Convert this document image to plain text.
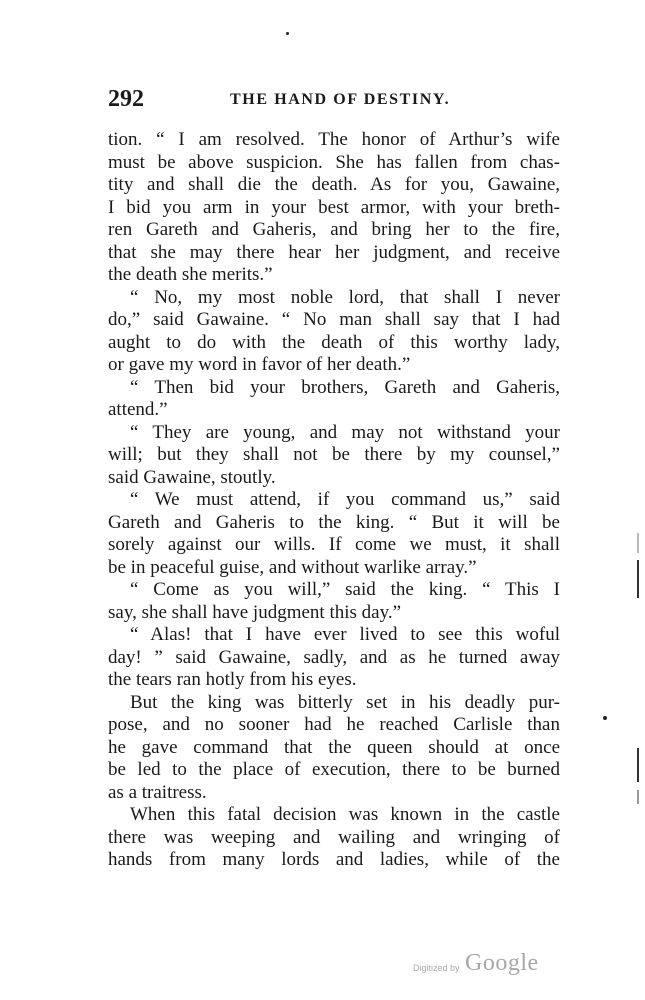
292	THE HAND OF DESTINY.
tion. “ I am resolved. The honor of Arthur’s wife
must be above suspicion. She has fallen from chas-
tity and shall die the death. As for you, Gawaine,
I bid you arm in your best armor, with your breth-
ren Gareth and Gaheris, and bring her to the fire,
that she may there hear her judgment, and receive
the death she merits.”
“ No, my most noble lord, that shall I never
do,” said Gawaine. “ No man shall say that I had
aught to do with the death of this worthy lady,
or gave my word in favor of her death.”
“ Then bid your brothers, Gareth and Gaheris,
attend.”
“ They are young, and may not withstand your
will; but they shall not be there by my counsel,”
said Gawaine, stoutly.
“ We must attend, if you command us,” said
Gareth and Gaheris to the king. “ But it will be
sorely against our wills. If come we must, it shall
be in peaceful guise, and without warlike array.”
“ Come as you will,” said the king. “ This I
say, she shall have judgment this day.”
“ Alas! that I have ever lived to see this woful
day! ” said Gawaine, sadly, and as he turned away
the tears ran hotly from his eyes.
But the king was bitterly set in his deadly pur-
pose, and no sooner had he reached Carlisle than
he gave command that the queen should at once
be led to the place of execution, there to be burned
as a traitress.
When this fatal decision was known in the castle
there was weeping and wailing and wringing of
hands from many lords and ladies, while of the
Digitized by Google
